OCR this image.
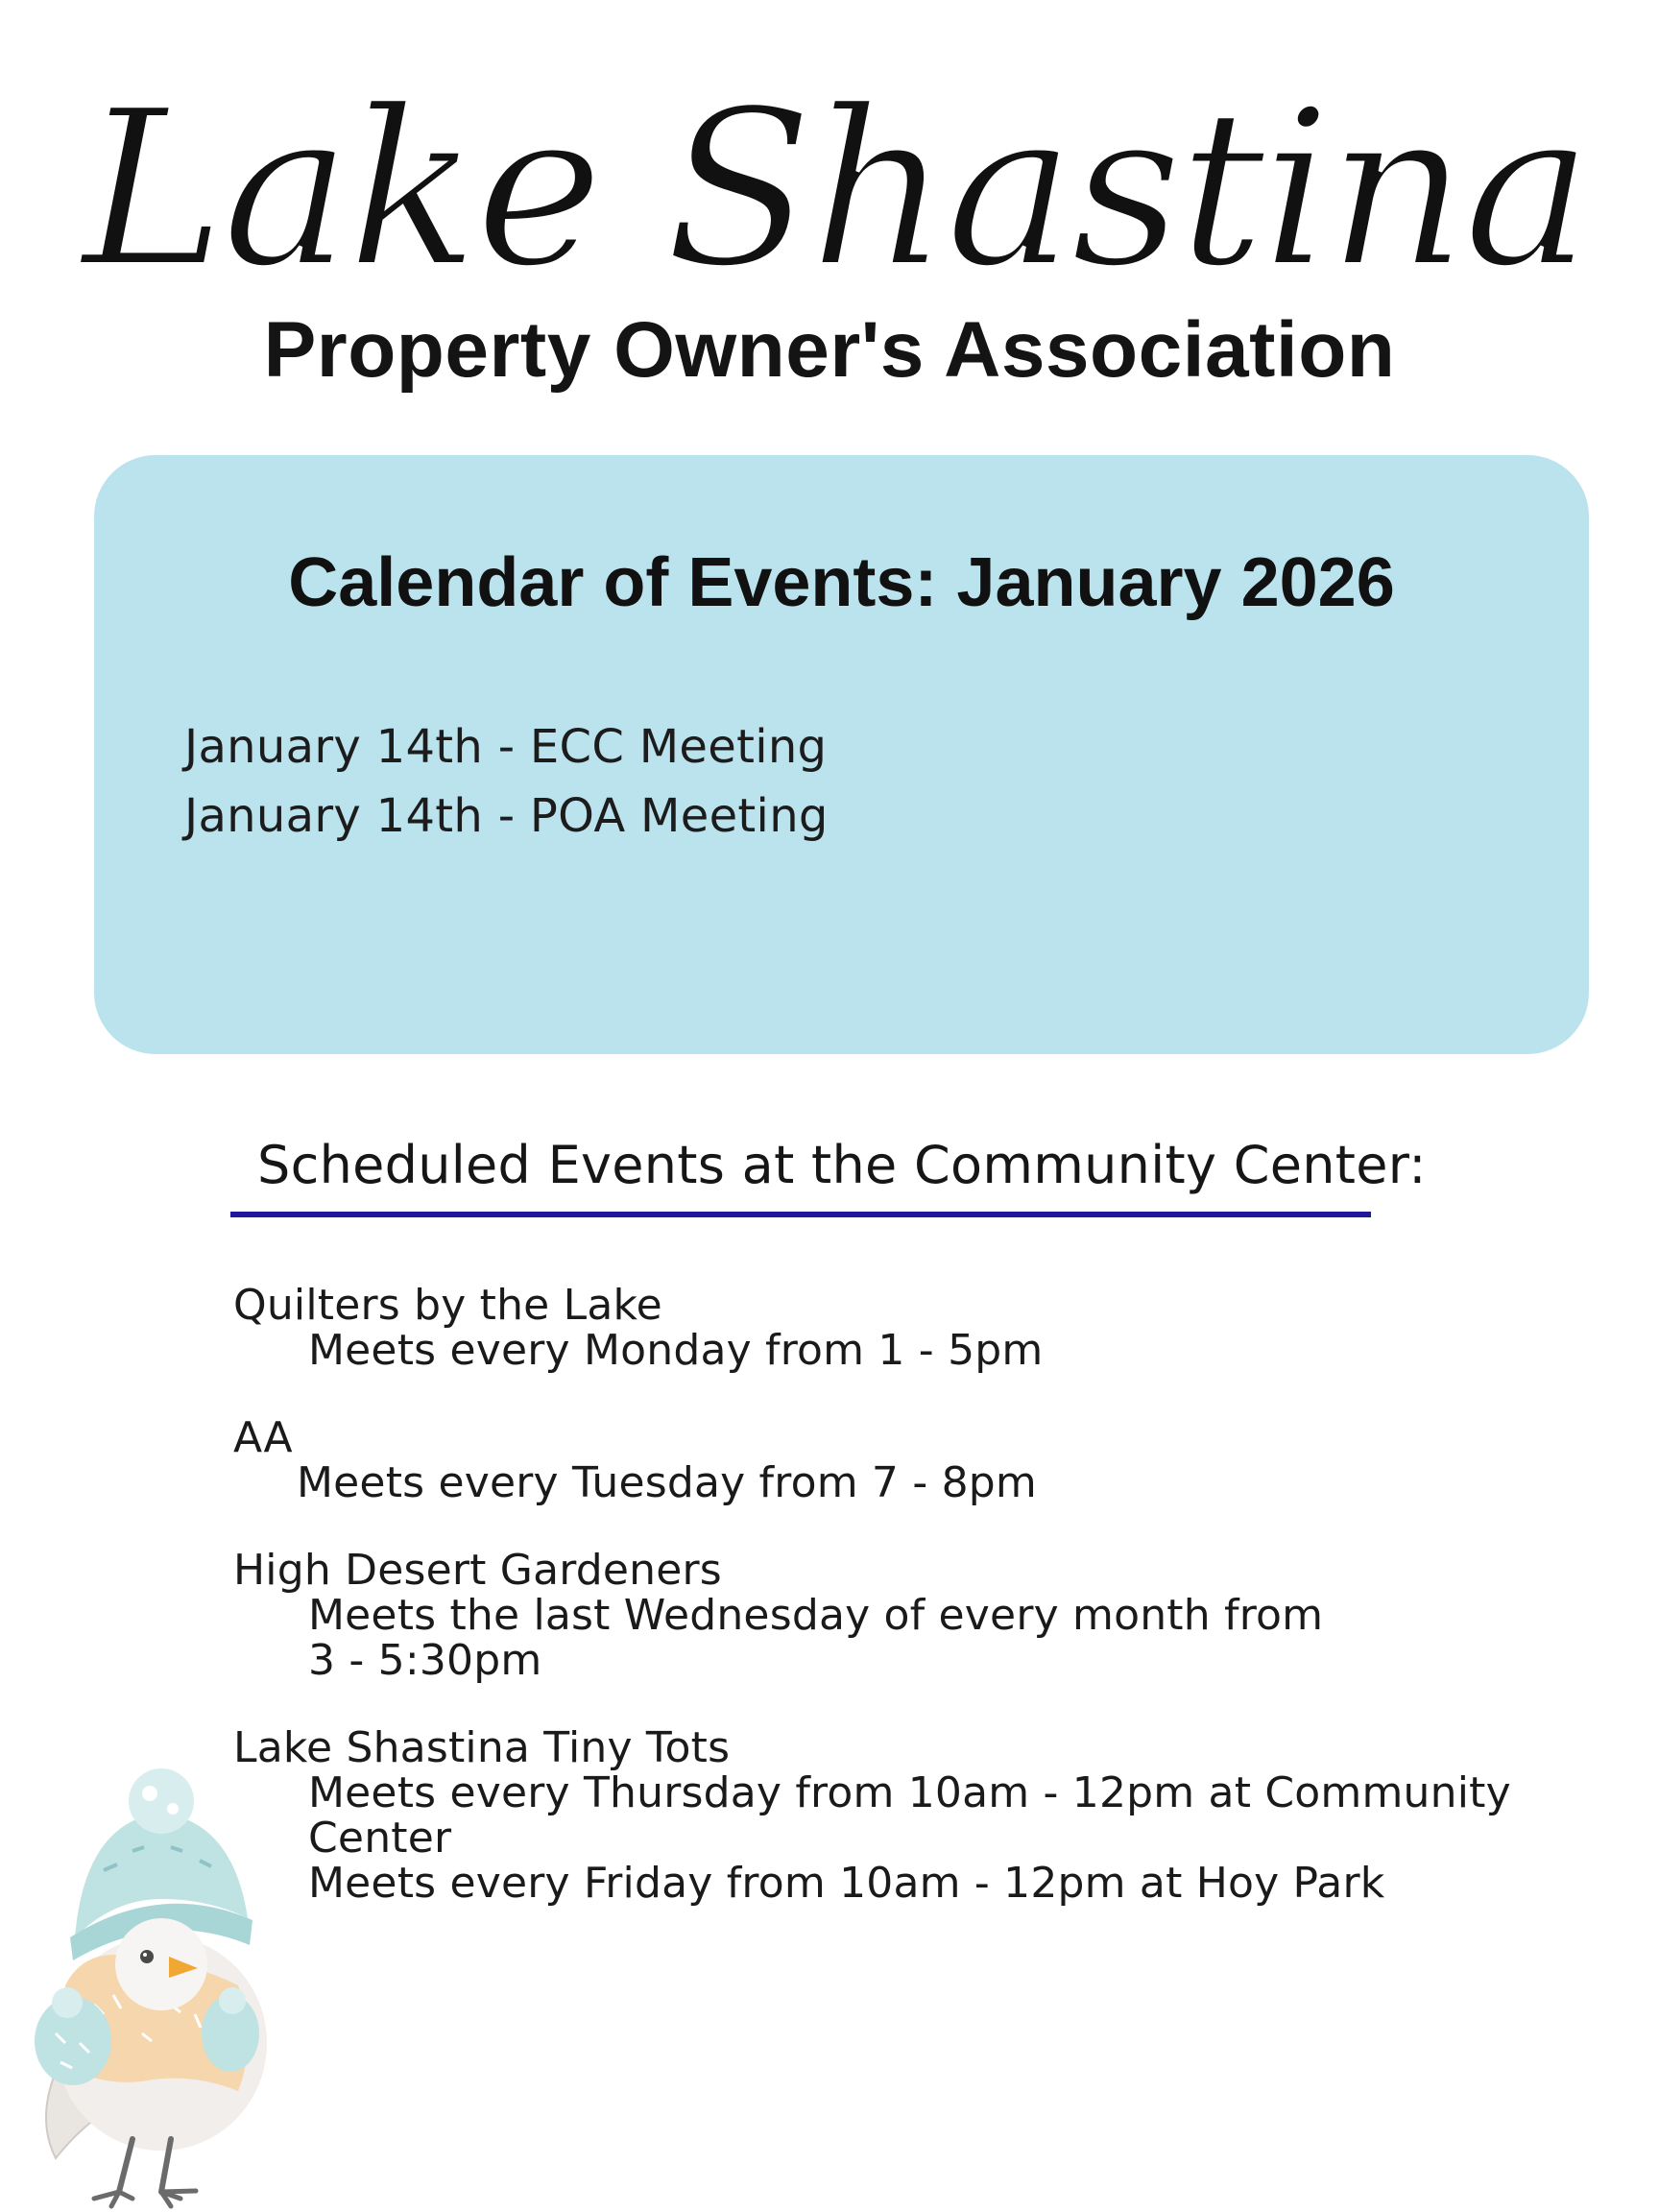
Lake Shastina
Property Owner's Association
Calendar of Events: January 2026
January 14th - ECC Meeting
January 14th - POA Meeting
Scheduled Events at the Community Center:
Quilters by the Lake
Meets every Monday from 1 - 5pm
AA
Meets every Tuesday from 7 - 8pm
High Desert Gardeners
Meets the last Wednesday of every month from
3 - 5:30pm
Lake Shastina Tiny Tots
Meets every Thursday from 10am - 12pm at Community Center
Meets every Friday from 10am - 12pm at Hoy Park
